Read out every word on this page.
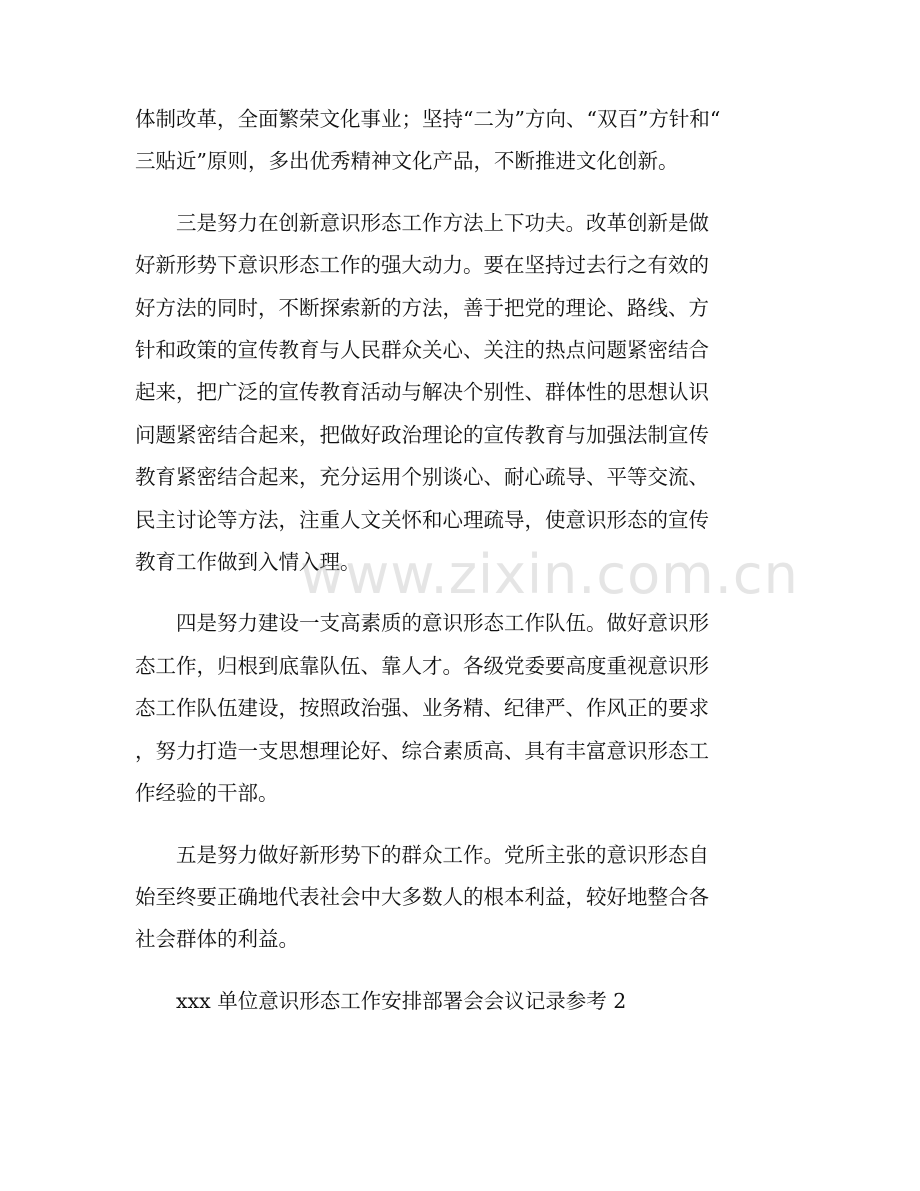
体制改革，全面繁荣文化事业；坚持“二为”方向、“双百”方针和“
三贴近”原则，多出优秀精神文化产品，不断推进文化创新。

三是努力在创新意识形态工作方法上下功夫。改革创新是做
好新形势下意识形态工作的强大动力。要在坚持过去行之有效的
好方法的同时，不断探索新的方法，善于把党的理论、路线、方
针和政策的宣传教育与人民群众关心、关注的热点问题紧密结合
起来，把广泛的宣传教育活动与解决个别性、群体性的思想认识
问题紧密结合起来，把做好政治理论的宣传教育与加强法制宣传
教育紧密结合起来，充分运用个别谈心、耐心疏导、平等交流、
民主讨论等方法，注重人文关怀和心理疏导，使意识形态的宣传
教育工作做到入情入理。

四是努力建设一支高素质的意识形态工作队伍。做好意识形
态工作，归根到底靠队伍、靠人才。各级党委要高度重视意识形
态工作队伍建设，按照政治强、业务精、纪律严、作风正的要求
，努力打造一支思想理论好、综合素质高、具有丰富意识形态工
作经验的干部。

五是努力做好新形势下的群众工作。党所主张的意识形态自
始至终要正确地代表社会中大多数人的根本利益，较好地整合各
社会群体的利益。

xxx 单位意识形态工作安排部署会会议记录参考 2

www.zixin.com.cn
